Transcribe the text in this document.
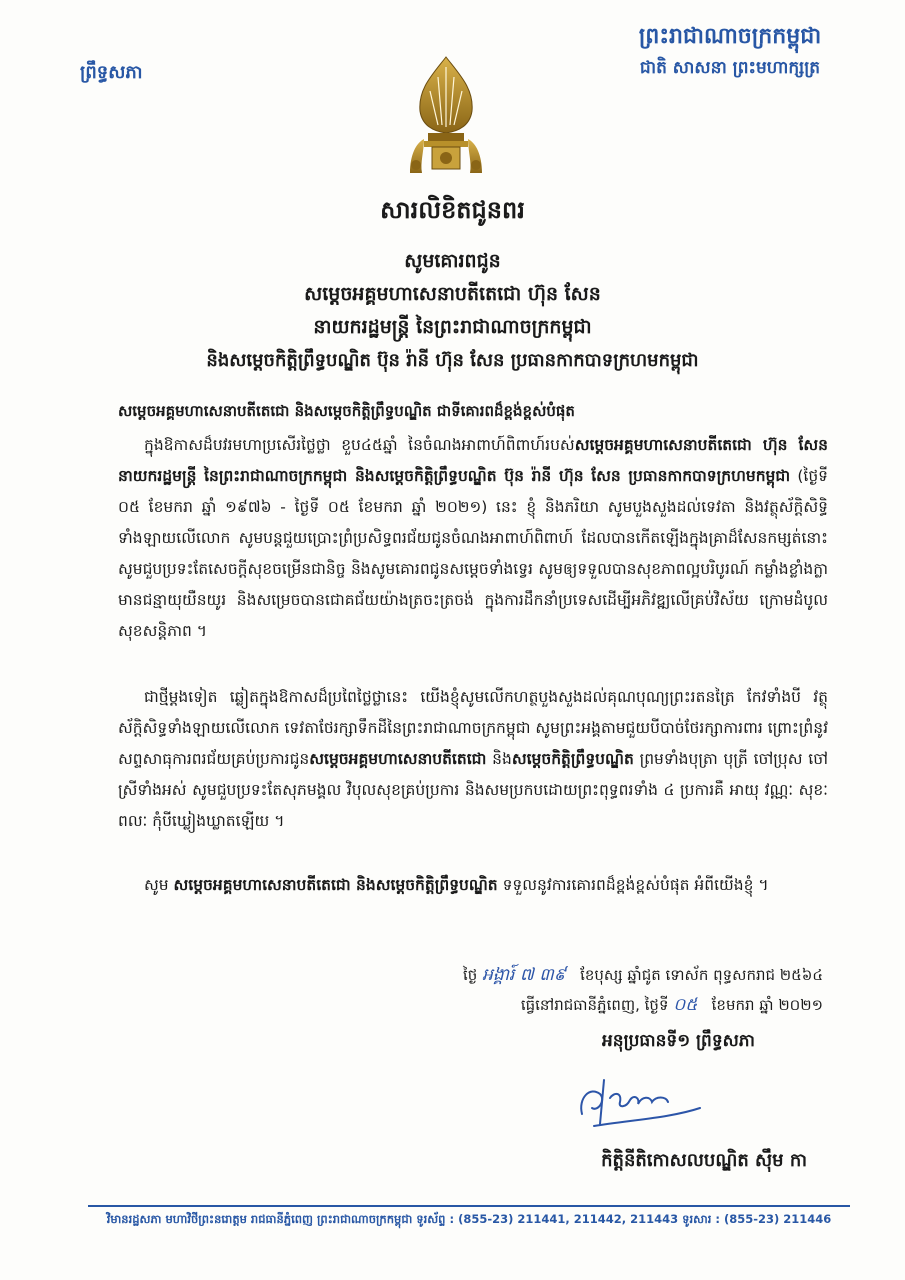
ព្រឹទ្ធសភា
ព្រះរាជាណាចក្រកម្ពុជា
ជាតិ សាសនា ព្រះមហាក្សត្រ
សារលិខិតជូនពរ
សូមគោរពជូន
សម្តេចអគ្គមហាសេនាបតីតេជោ ហ៊ុន សែន
នាយករដ្ឋមន្ត្រី នៃព្រះរាជាណាចក្រកម្ពុជា
និងសម្តេចកិត្តិព្រឹទ្ធបណ្ឌិត ប៊ុន រ៉ានី ហ៊ុន សែន ប្រធានកាកបាទក្រហមកម្ពុជា
សម្តេចអគ្គមហាសេនាបតីតេជោ និងសម្តេចកិត្តិព្រឹទ្ធបណ្ឌិត ជាទីគោរពដ៏ខ្ពង់ខ្ពស់បំផុត
ក្នុងឱកាសដ៏បវរមហាប្រសើរថ្លៃថ្លា ខួប៤៥ឆ្នាំ នៃចំណងអាពាហ៍ពិពាហ៍របស់សម្តេចអគ្គមហាសេនាបតីតេជោ ហ៊ុន សែន នាយករដ្ឋមន្ត្រី នៃព្រះរាជាណាចក្រកម្ពុជា និងសម្តេចកិត្តិព្រឹទ្ធបណ្ឌិត ប៊ុន រ៉ានី ហ៊ុន សែន ប្រធានកាកបាទក្រហមកម្ពុជា (ថ្ងៃទី ០៥ ខែមករា ឆ្នាំ ១៩៧៦ - ថ្ងៃទី ០៥ ខែមករា ឆ្នាំ ២០២១) នេះ ខ្ញុំ និងភរិយា សូមបួងសួងដល់ទេវតា និងវត្ថុស័ក្តិសិទ្ធិទាំងឡាយលើលោក សូមបន្តជួយប្រោះព្រំប្រសិទ្ធពរជ័យជូនចំណងអាពាហ៍ពិពាហ៍ ដែលបានកើតឡើងក្នុងគ្រាដ៏សែនកម្សត់នោះ សូមជួបប្រទះតែសេចក្តីសុខចម្រើនជានិច្ច និងសូមគោរពជូនសម្តេចទាំងទ្វេរ សូមឲ្យទទួលបានសុខភាពល្អបរិបូរណ៍ កម្លាំងខ្លាំងក្លា មានជន្មាយុយឺនយូរ និងសម្រេចបានជោគជ័យយ៉ាងត្រចះត្រចង់ ក្នុងការដឹកនាំប្រទេសដើម្បីអភិវឌ្ឍលើគ្រប់វិស័យ ក្រោមដំបូលសុខសន្តិភាព ។
ជាថ្មីម្តងទៀត ឆ្លៀតក្នុងឱកាសដ៏ប្រពៃថ្លៃថ្លានេះ យើងខ្ញុំសូមលើកហត្ថបួងសួងដល់គុណបុណ្យព្រះរតនត្រៃ កែវទាំងបី វត្ថុស័ក្តិសិទ្ធទាំងឡាយលើលោក ទេវតាថែរក្សាទឹកដីនៃព្រះរាជាណាចក្រកម្ពុជា សូមព្រះអង្គតាមជួយបីបាច់ថែរក្សាការពារ ព្រោះព្រំនូវសព្ទសាធុការពរជ័យគ្រប់ប្រការជូនសម្តេចអគ្គមហាសេនាបតីតេជោ និងសម្តេចកិត្តិព្រឹទ្ធបណ្ឌិត ព្រមទាំងបុត្រា បុត្រី ចៅប្រុស ចៅស្រីទាំងអស់ សូមជួបប្រទះតែសុភមង្គល វិបុលសុខគ្រប់ប្រការ និងសមប្រកបដោយព្រះពុទ្ធពរទាំង ៤ ប្រការគឺ អាយុ វណ្ណៈ សុខៈ ពលៈ កុំបីឃ្លៀងឃ្លាតឡើយ ។
សូម សម្តេចអគ្គមហាសេនាបតីតេជោ និងសម្តេចកិត្តិព្រឹទ្ធបណ្ឌិត ទទួលនូវការគោរពដ៏ខ្ពង់ខ្ពស់បំផុត អំពីយើងខ្ញុំ ។
ថ្ងៃ អង្គារ៍ ៧ ៣៩ ខែបុស្ស ឆ្នាំជូត ទោស័ក ពុទ្ធសករាជ ២៥៦៤
ធ្វើនៅរាជធានីភ្នំពេញ, ថ្ងៃទី ០៥ ខែមករា ឆ្នាំ ២០២១
អនុប្រធានទី១ ព្រឹទ្ធសភា
កិត្តិនីតិកោសលបណ្ឌិត ស៊ឹម កា
វិមានរដ្ឋសភា មហាវិថីព្រះនរោត្តម រាជធានីភ្នំពេញ ព្រះរាជាណាចក្រកម្ពុជា ទូរស័ព្ទ : (855-23) 211441, 211442, 211443 ទូរសារ : (855-23) 211446
